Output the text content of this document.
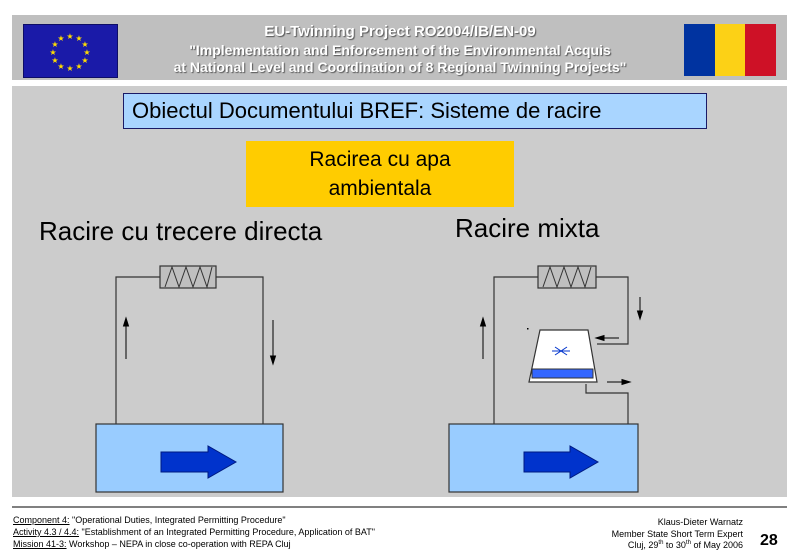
★ ★
★
★
★
★
★
★
★
★
★
★	EU-Twinning Project RO2004/IB/EN-09
"Implementation and Enforcement of the Environmental Acquis
at National Level and Coordination of 8 Regional Twinning Projects"
Obiectul Documentului BREF: Sisteme de racire
Racirea cu apa
ambientala
Racire cu trecere directa	Racire mixta
Component 4: "Operational Duties, Integrated Permitting Procedure"
Activity 4.3 / 4.4: "Establishment of an Integrated Permitting Procedure, Application of BAT"
Mission 41-3: Workshop – NEPA in close co-operation with REPA Cluj
Klaus-Dieter Warnatz
Member State Short Term Expert
Cluj, 29th to 30th of May 2006 28
